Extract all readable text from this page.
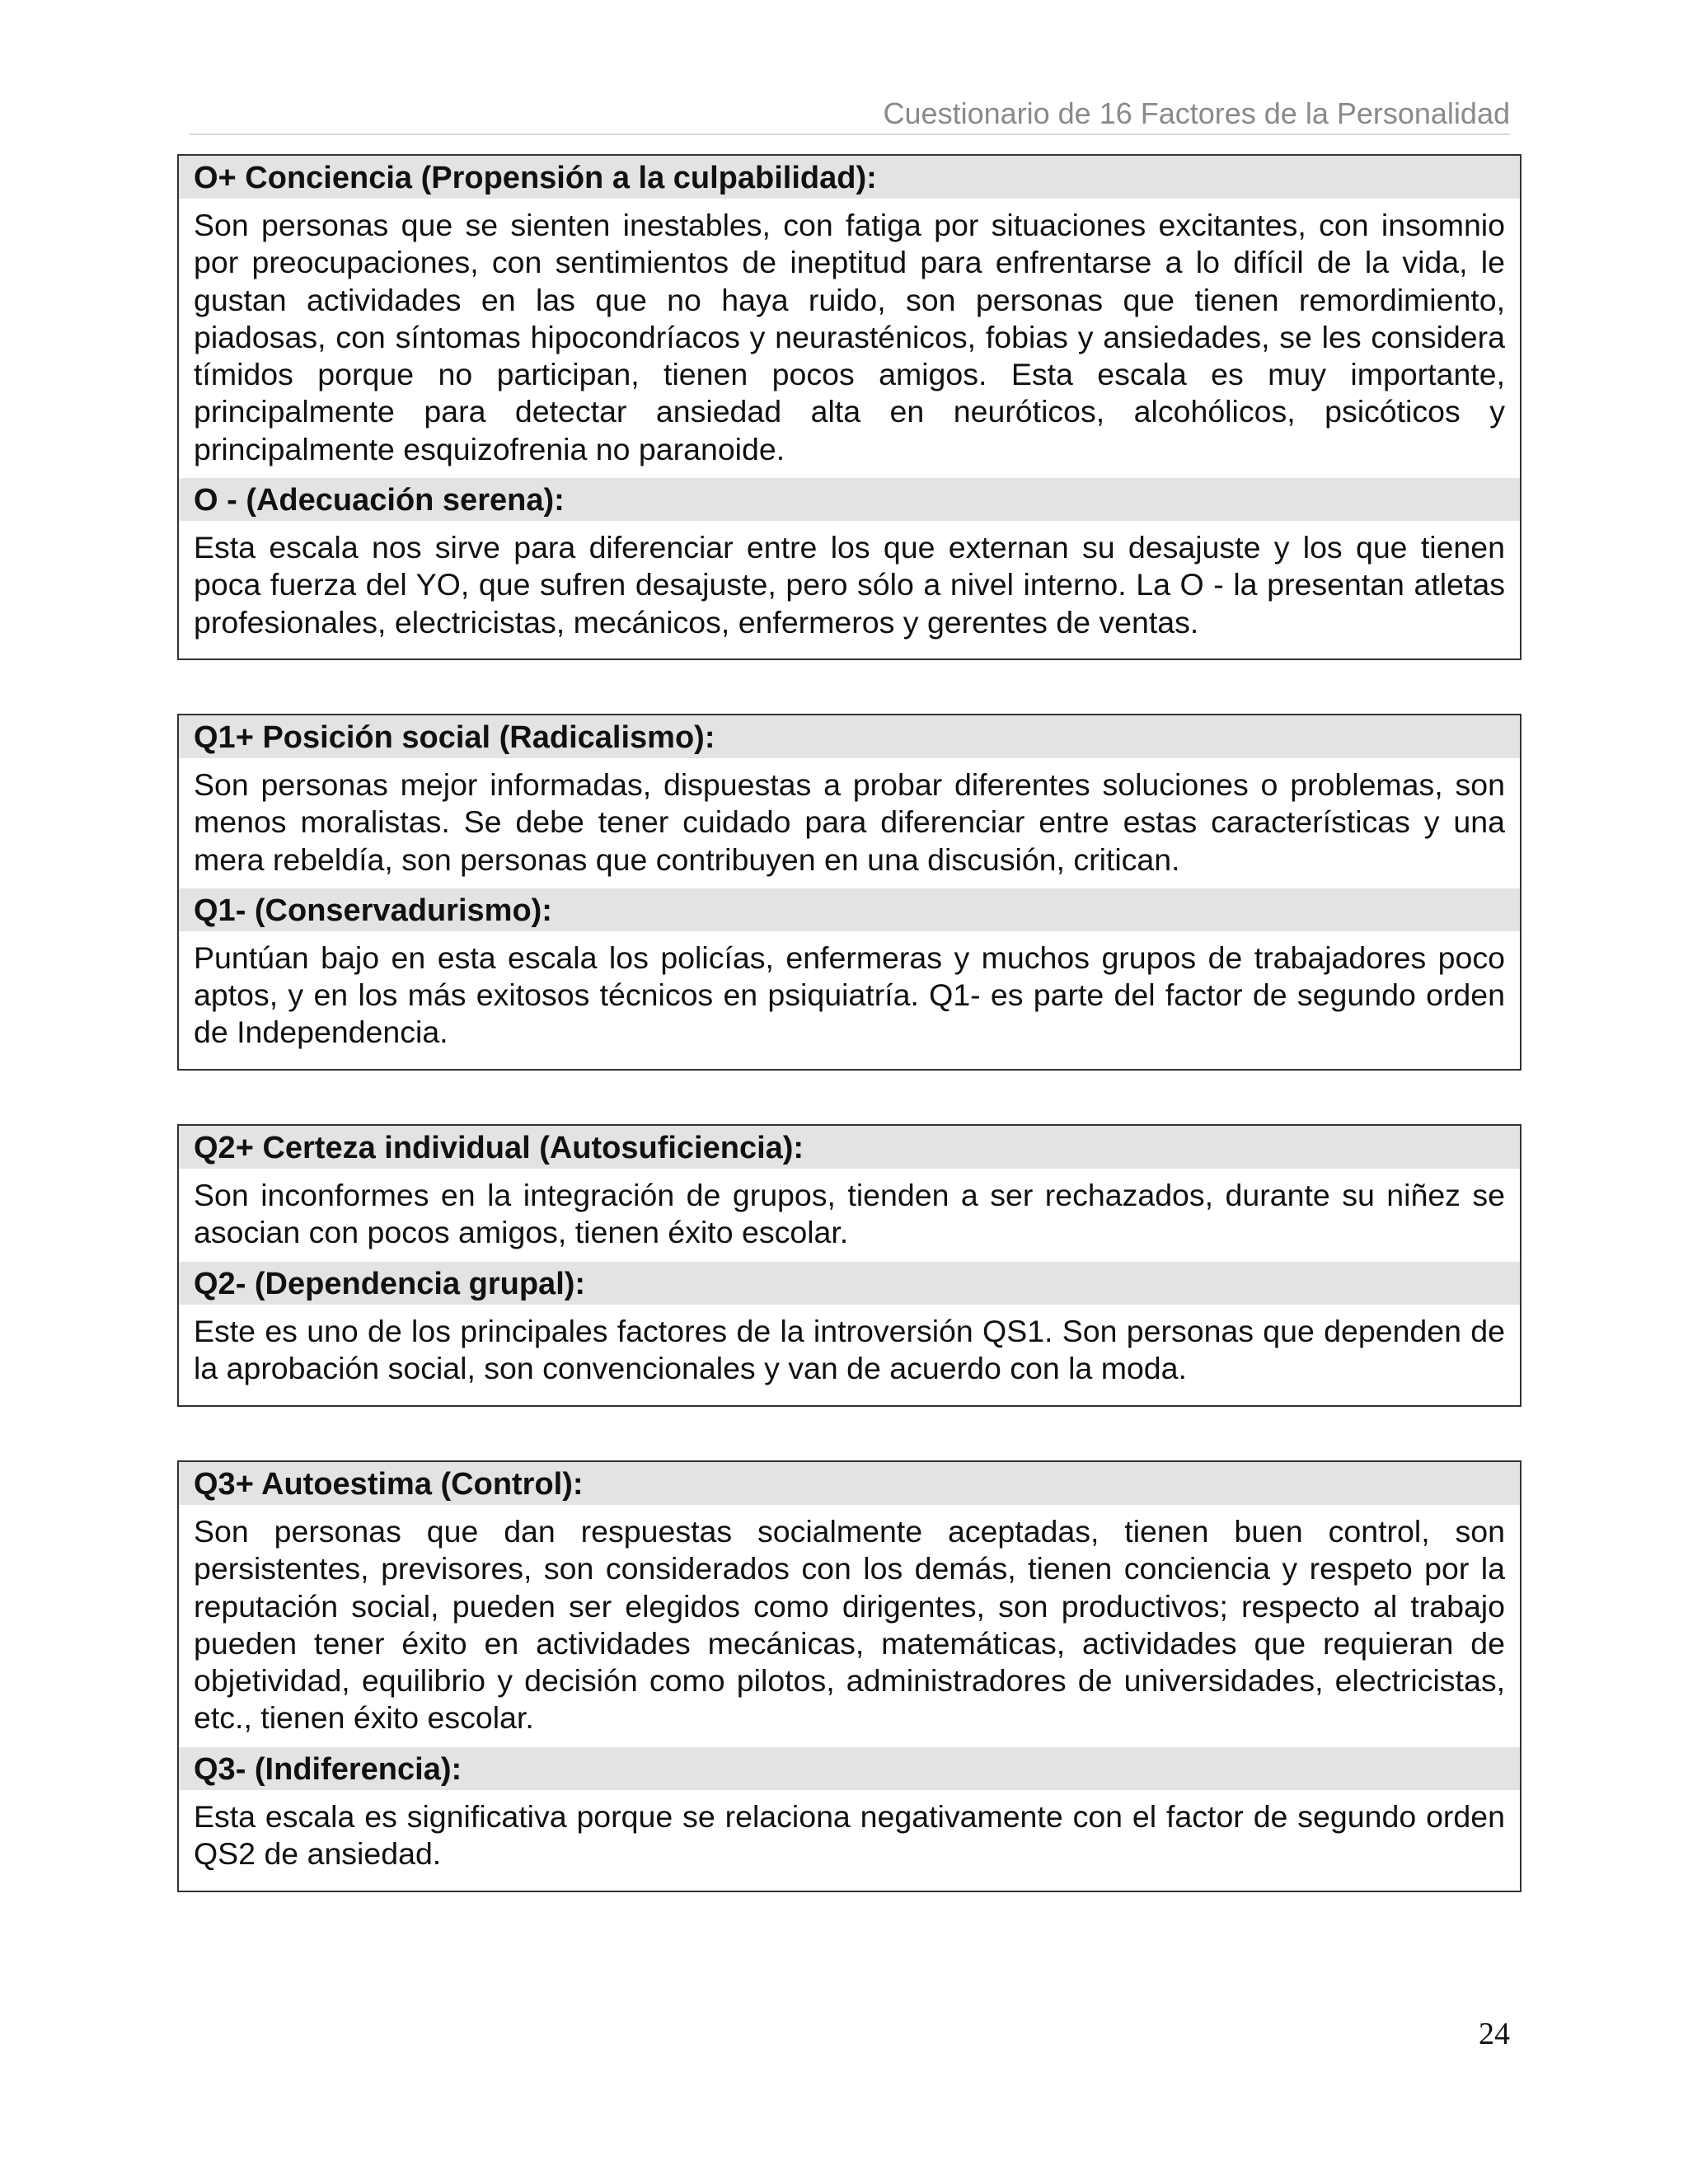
Cuestionario de 16 Factores de la Personalidad
O+ Conciencia (Propensión a la culpabilidad):
Son personas que se sienten inestables, con fatiga por situaciones excitantes, con insomnio por preocupaciones, con sentimientos de ineptitud para enfrentarse a lo difícil de la vida, le gustan actividades en las que no haya ruido, son personas que tienen remordimiento, piadosas, con síntomas hipocondríacos y neurasténicos, fobias y ansiedades, se les considera tímidos porque no participan, tienen pocos amigos. Esta escala es muy importante, principalmente para detectar ansiedad alta en neuróticos, alcohólicos, psicóticos y principalmente esquizofrenia no paranoide.
O - (Adecuación serena):
Esta escala nos sirve para diferenciar entre los que externan su desajuste y los que tienen poca fuerza del YO, que sufren desajuste, pero sólo a nivel interno. La O - la presentan atletas profesionales, electricistas, mecánicos, enfermeros y gerentes de ventas.
Q1+ Posición social (Radicalismo):
Son personas mejor informadas, dispuestas a probar diferentes soluciones o problemas, son menos moralistas. Se debe tener cuidado para diferenciar entre estas características y una mera rebeldía, son personas que contribuyen en una discusión, critican.
Q1- (Conservadurismo):
Puntúan bajo en esta escala los policías, enfermeras y muchos grupos de trabajadores poco aptos, y en los más exitosos técnicos en psiquiatría. Q1- es parte del factor de segundo orden de Independencia.
Q2+ Certeza individual (Autosuficiencia):
Son inconformes en la integración de grupos, tienden a ser rechazados, durante su niñez se asocian con pocos amigos, tienen éxito escolar.
Q2- (Dependencia grupal):
Este es uno de los principales factores de la introversión QS1. Son personas que dependen de la aprobación social, son convencionales y van de acuerdo con la moda.
Q3+ Autoestima (Control):
Son personas que dan respuestas socialmente aceptadas, tienen buen control, son persistentes, previsores, son considerados con los demás, tienen conciencia y respeto por la reputación social, pueden ser elegidos como dirigentes, son productivos; respecto al trabajo pueden tener éxito en actividades mecánicas, matemáticas, actividades que requieran de objetividad, equilibrio y decisión como pilotos, administradores de universidades, electricistas, etc., tienen éxito escolar.
Q3- (Indiferencia):
Esta escala es significativa porque se relaciona negativamente con el factor de segundo orden QS2 de ansiedad.
24
